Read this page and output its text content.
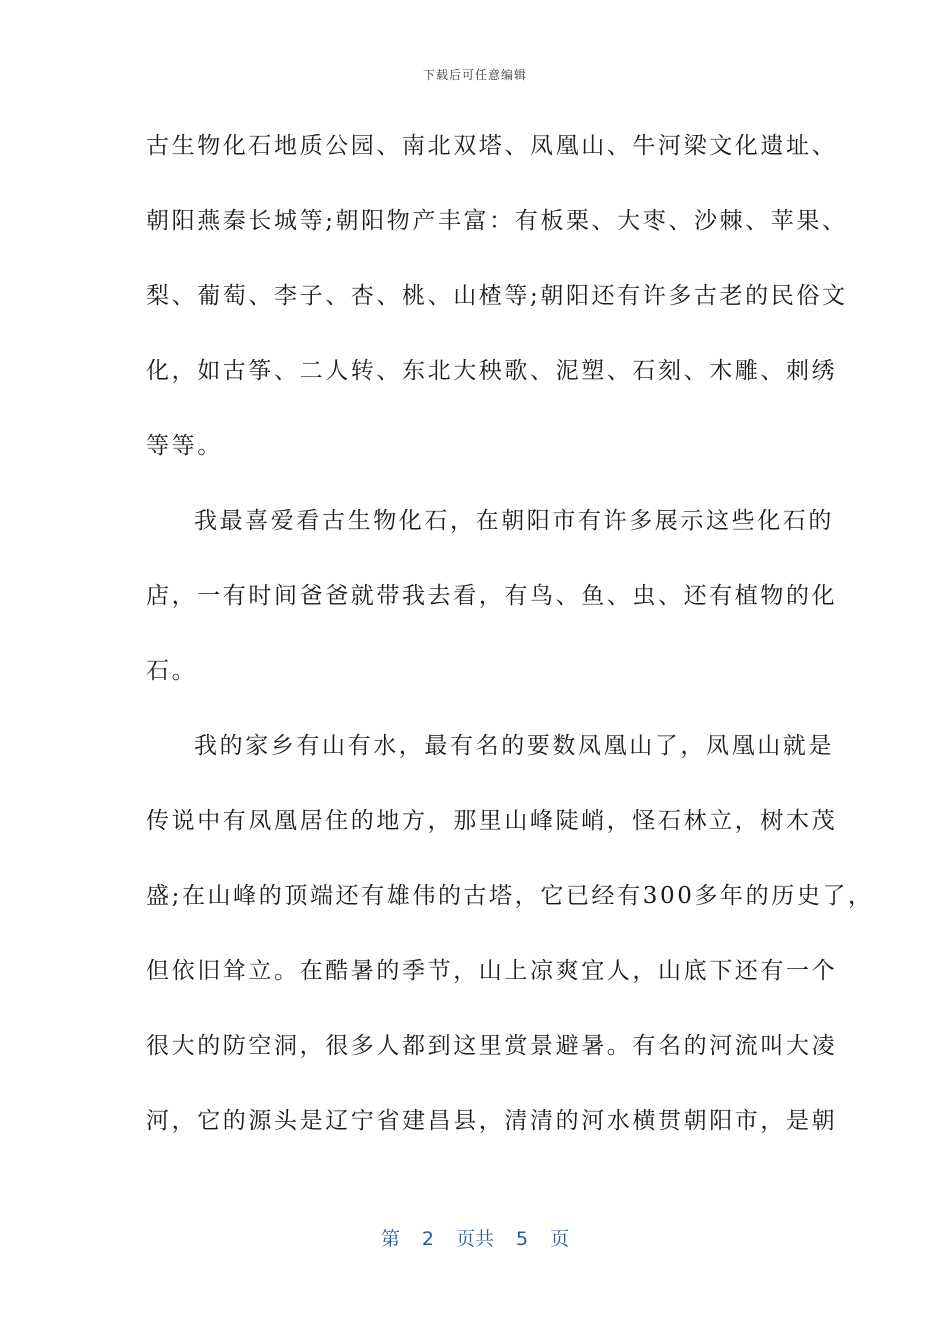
下载后可任意编辑
古生物化石地质公园、南北双塔、凤凰山、牛河梁文化遗址、
朝阳燕秦长城等;朝阳物产丰富：有板栗、大枣、沙棘、苹果、
梨、葡萄、李子、杏、桃、山楂等;朝阳还有许多古老的民俗文
化，如古筝、二人转、东北大秧歌、泥塑、石刻、木雕、刺绣
等等。
我最喜爱看古生物化石，在朝阳市有许多展示这些化石的
店，一有时间爸爸就带我去看，有鸟、鱼、虫、还有植物的化
石。
我的家乡有山有水，最有名的要数凤凰山了，凤凰山就是
传说中有凤凰居住的地方，那里山峰陡峭，怪石林立，树木茂
盛;在山峰的顶端还有雄伟的古塔，它已经有300多年的历史了，
但依旧耸立。在酷暑的季节，山上凉爽宜人，山底下还有一个
很大的防空洞，很多人都到这里赏景避暑。有名的河流叫大凌
河，它的源头是辽宁省建昌县，清清的河水横贯朝阳市，是朝
第 2 页共 5 页
